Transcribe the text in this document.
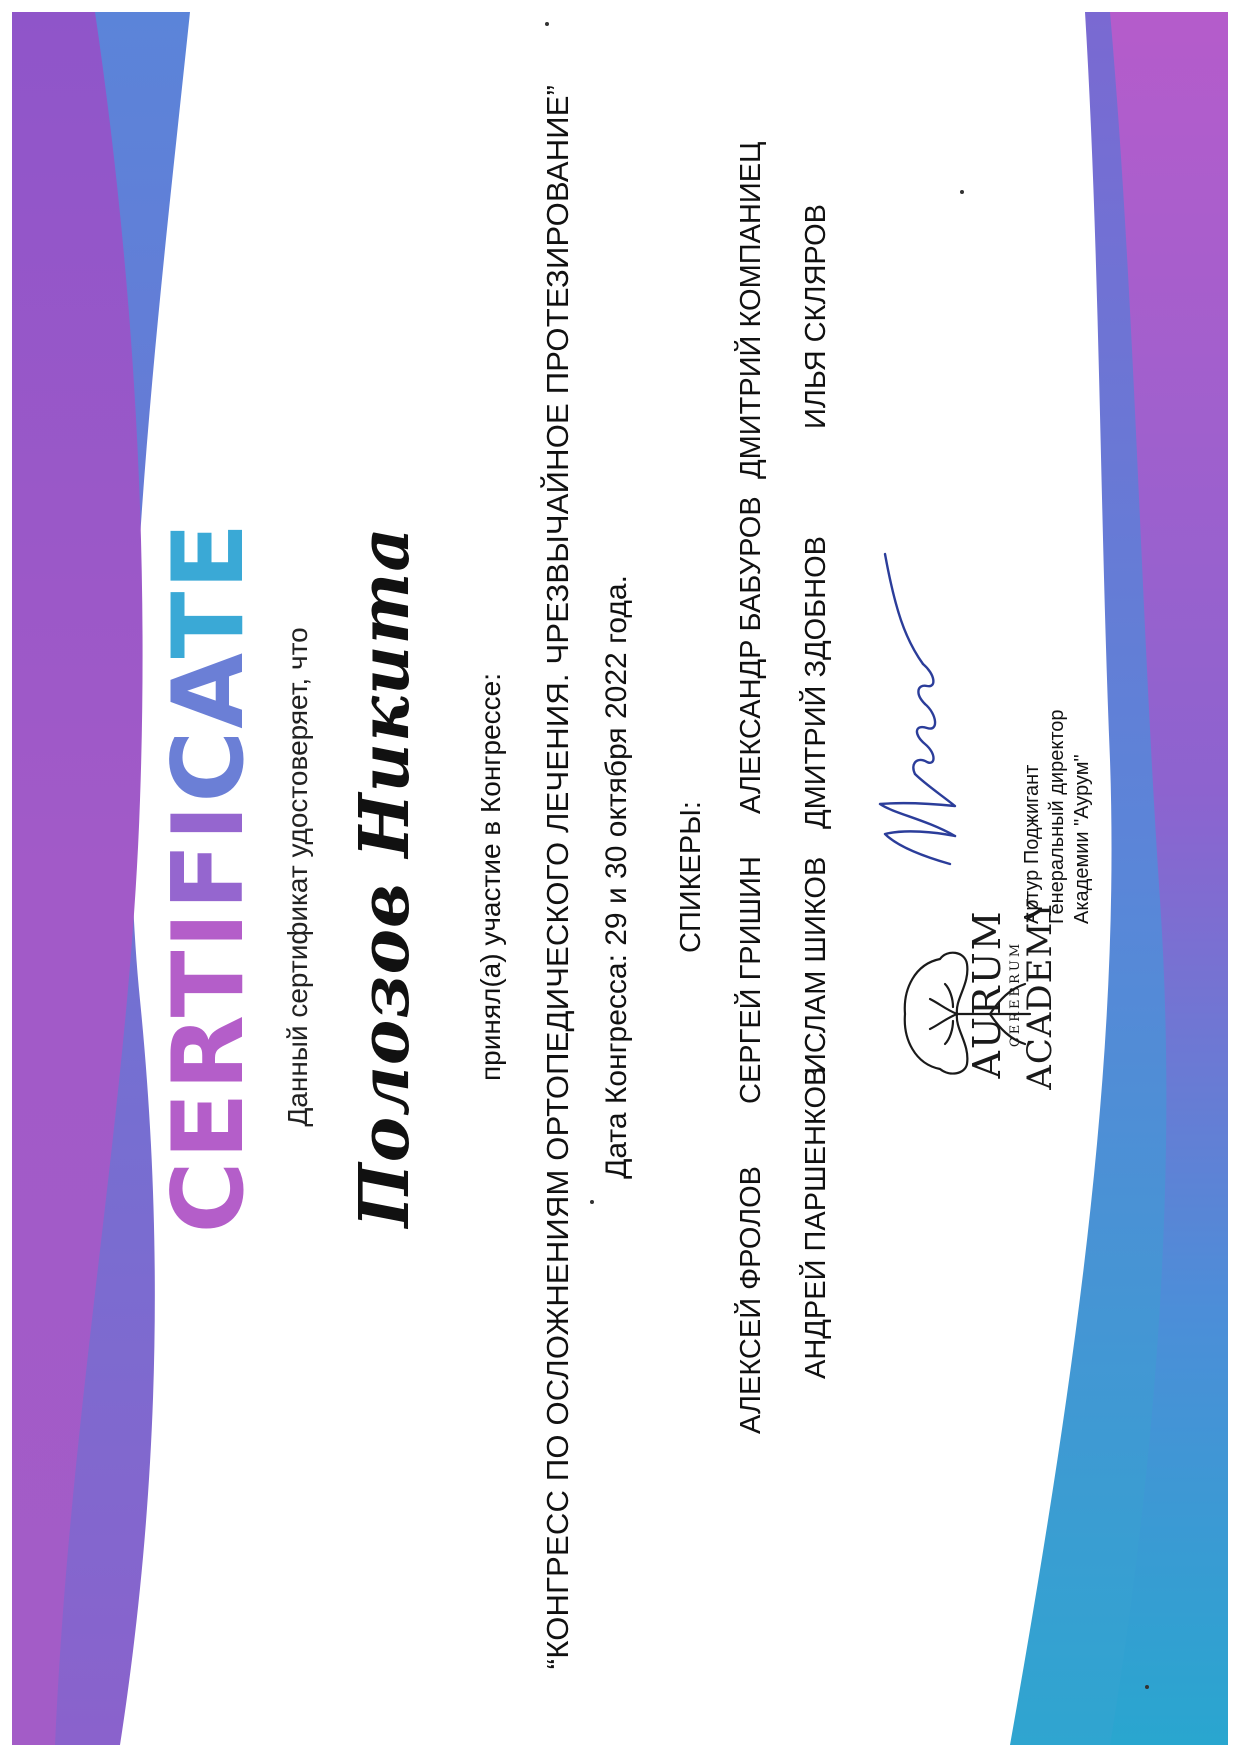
CERTIFICATE
Данный сертификат удостоверяет, что Полозов Никита принял(а) участие в Конгрессе: “КОНГРЕСС ПО ОСЛОЖНЕНИЯМ ОРТОПЕДИЧЕСКОГО ЛЕЧЕНИЯ. ЧРЕЗВЫЧАЙНОЕ ПРОТЕЗИРОВАНИЕ” Дата Конгресса: 29 и 30 октября 2022 года. СПИКЕРЫ:
АЛЕКСЕЙ ФРОЛОВ
СЕРГЕЙ ГРИШИН
АЛЕКСАНДР БАБУРОВ
ДМИТРИЙ КОМПАНИЕЦ
АНДРЕЙ ПАРШЕНКОВ
ИСЛАМ ШИКОВ
ДМИТРИЙ ЗДОБНОВ
ИЛЬЯ СКЛЯРОВ
AURUM CEREBRUM
ACADEMY
Артур Поджигант Генеральный директор Академии "Аурум"
